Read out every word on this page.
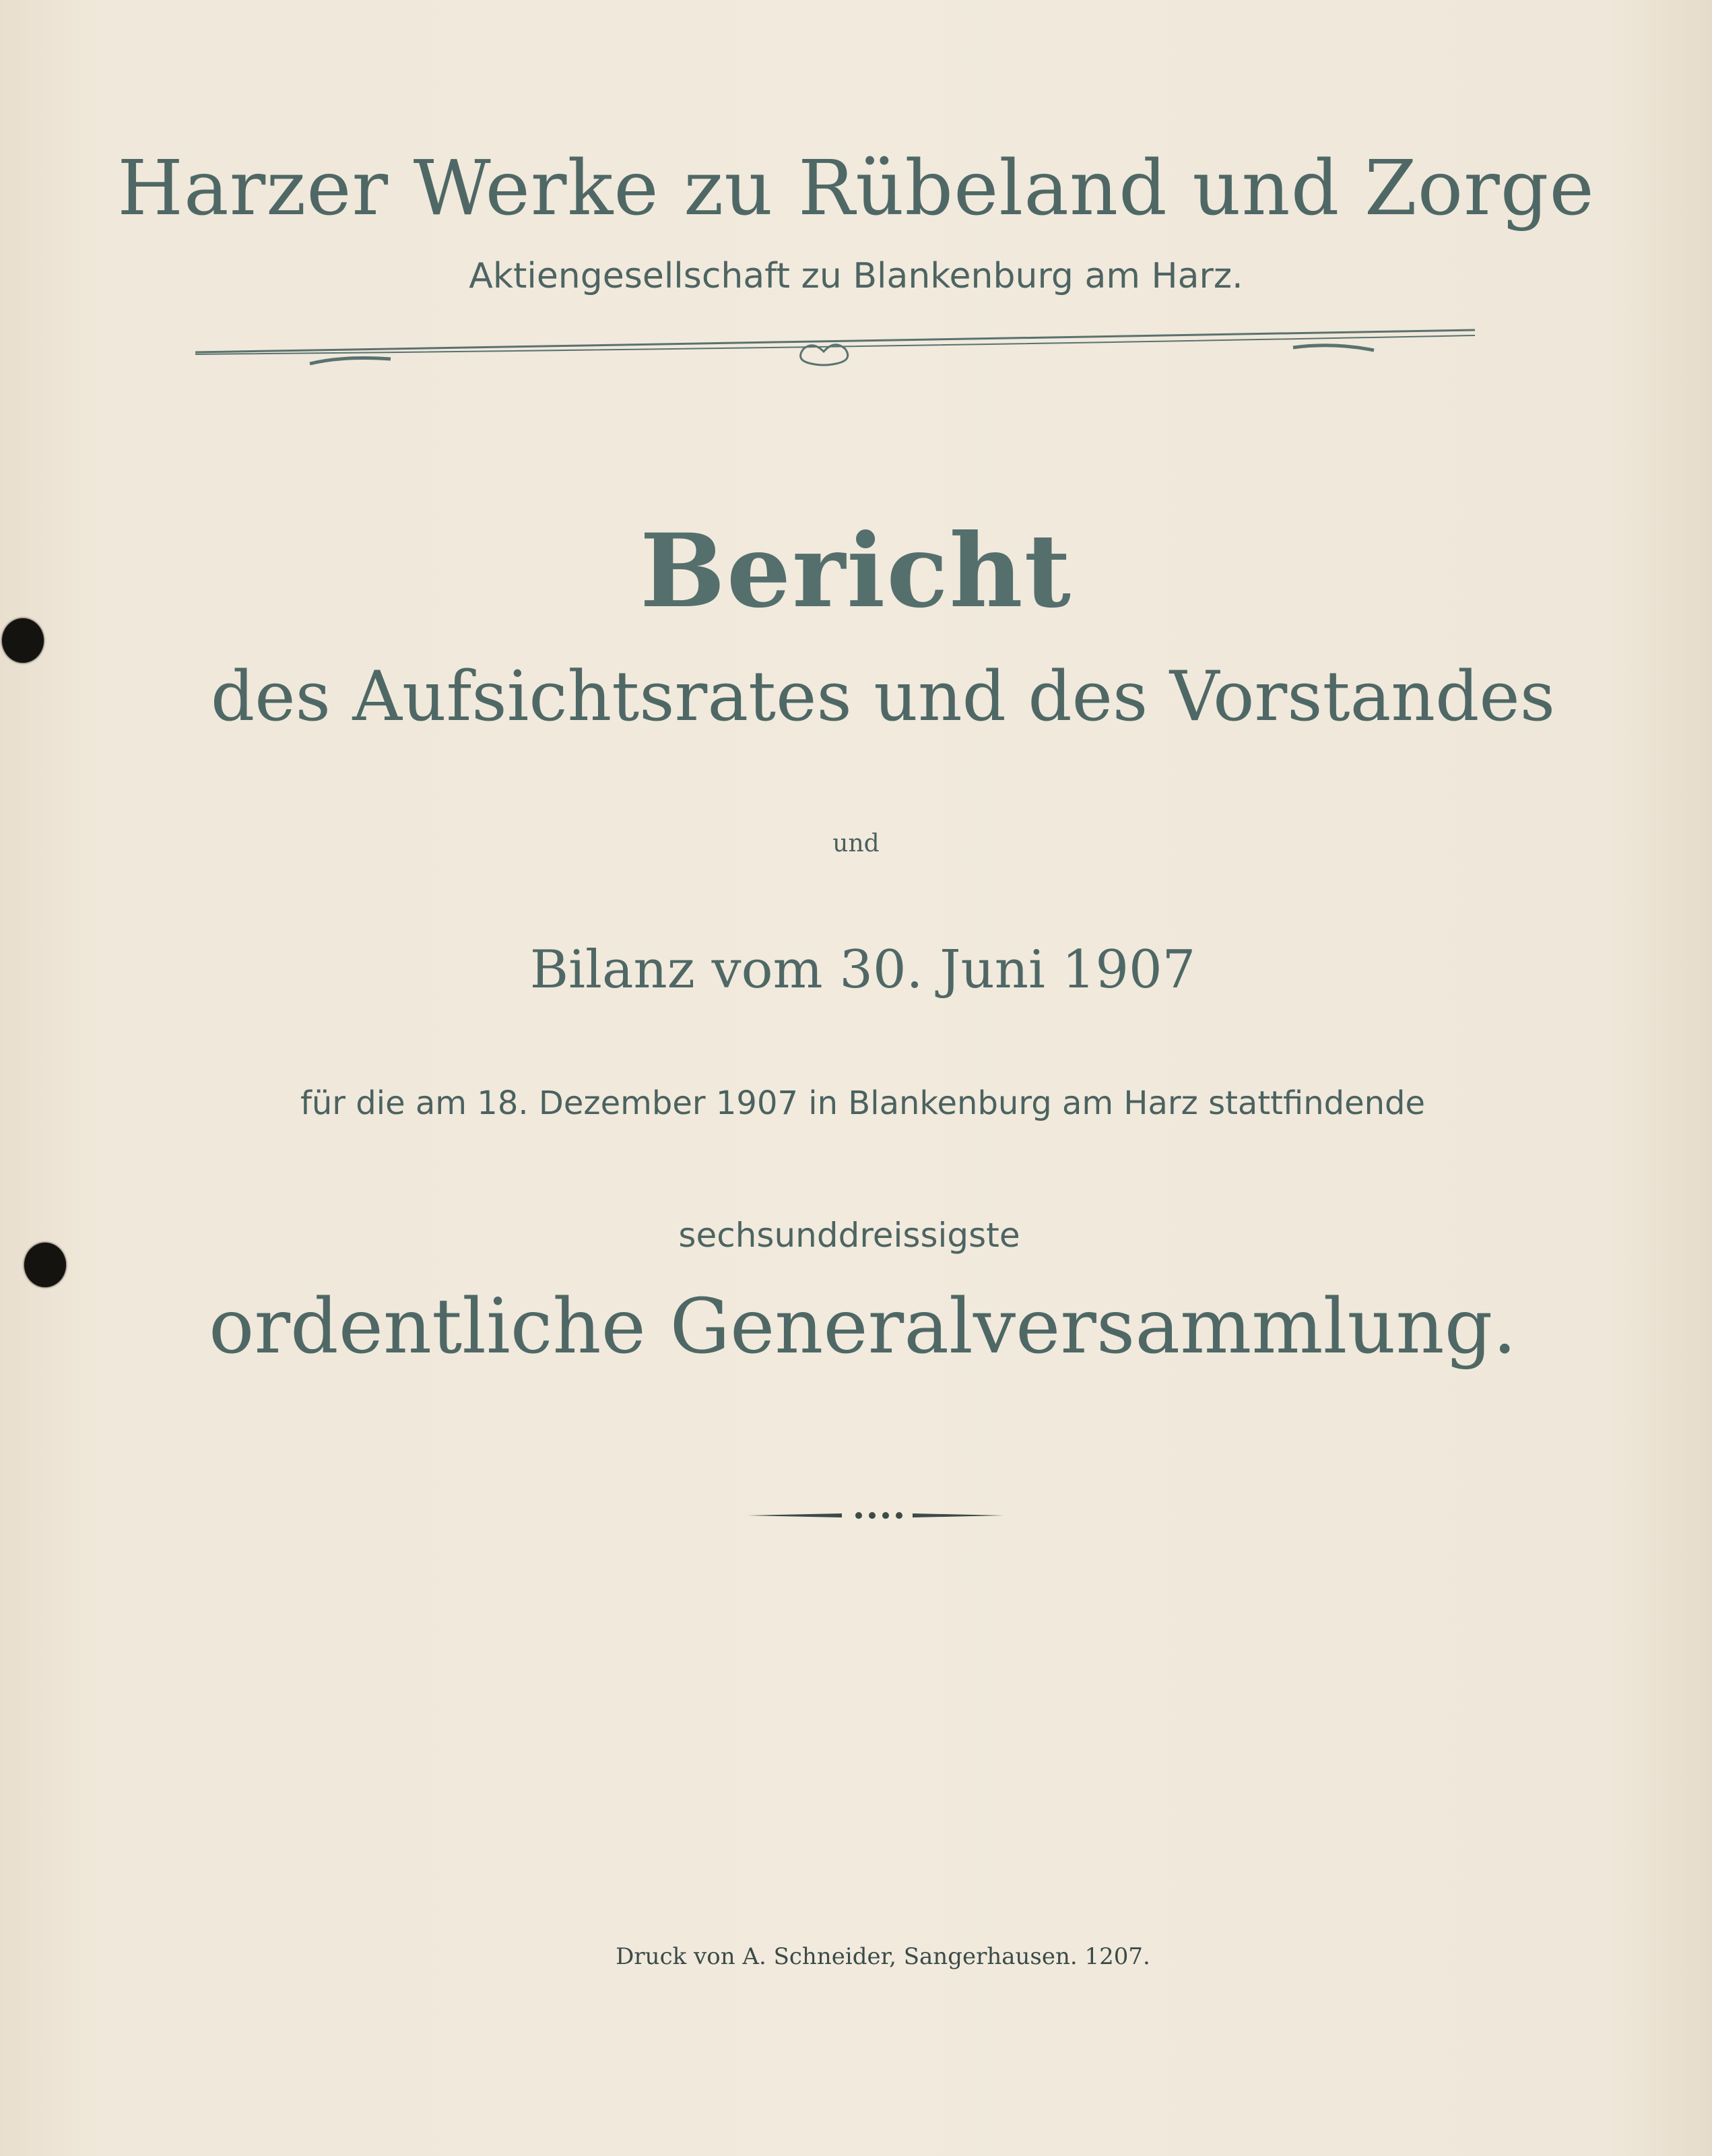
Harzer Werke zu Rübeland und Zorge
Aktiengesellschaft zu Blankenburg am Harz.
Bericht
des Aufsichtsrates und des Vorstandes
und
Bilanz vom 30. Juni 1907
für die am 18. Dezember 1907 in Blankenburg am Harz stattfindende
sechsunddreissigste
ordentliche Generalversammlung.
Druck von A. Schneider, Sangerhausen. 1207.
